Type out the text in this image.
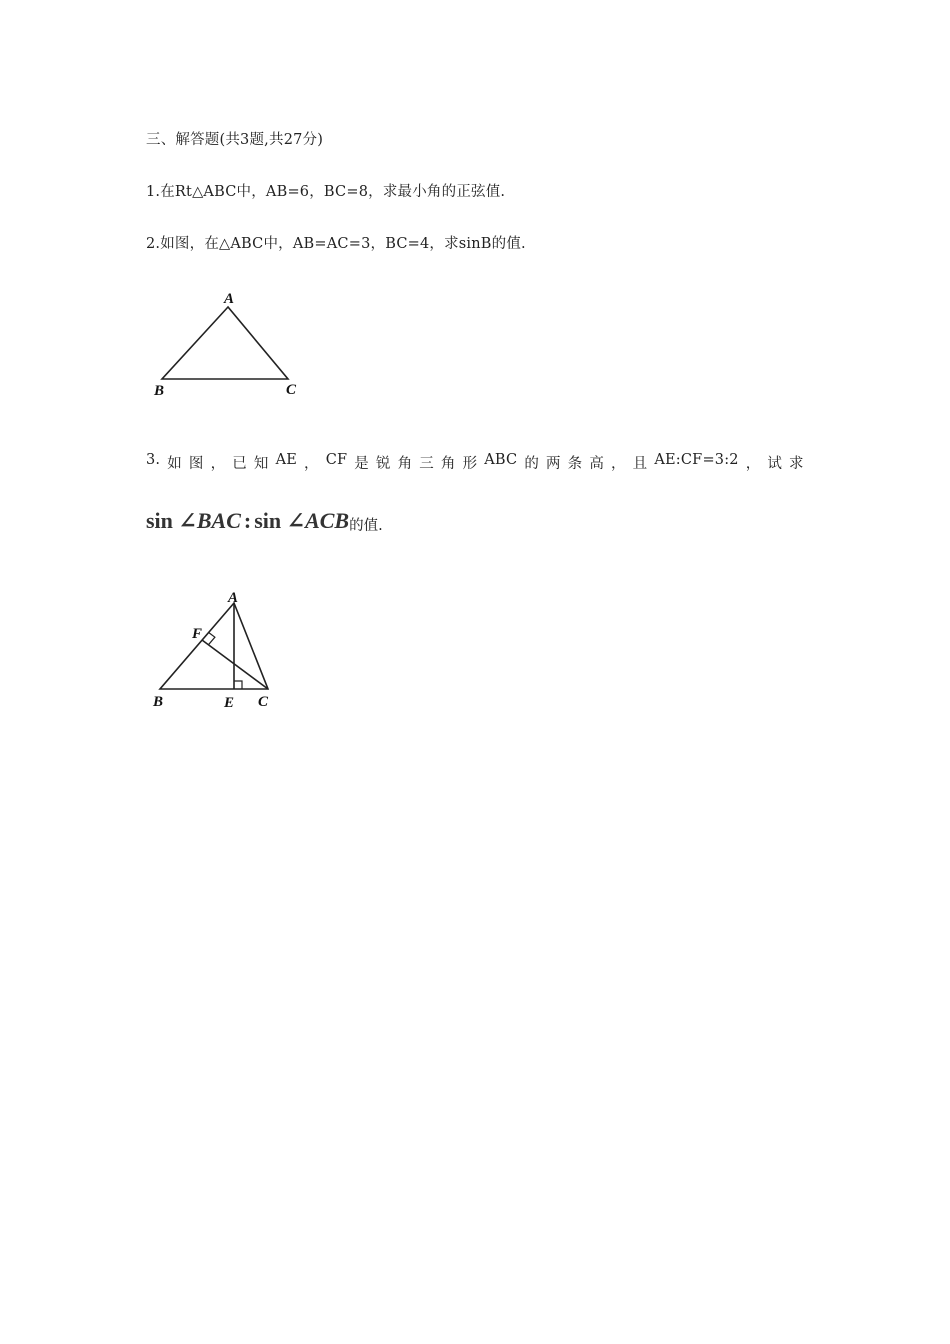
三、解答题(共3题,共27分)
1.在Rt△ABC中，AB=6，BC=8，求最小角的正弦值.
2.如图，在△ABC中，AB=AC=3，BC=4，求sinB的值.
A
B	C
3. 如 图 ， 已 知 AE ， CF 是 锐 角 三 角 形 ABC 的 两 条 高 ， 且 AE:CF=3:2 ， 试 求
sin ∠BAC : sin ∠ACB的值.
A
F
B	E C
